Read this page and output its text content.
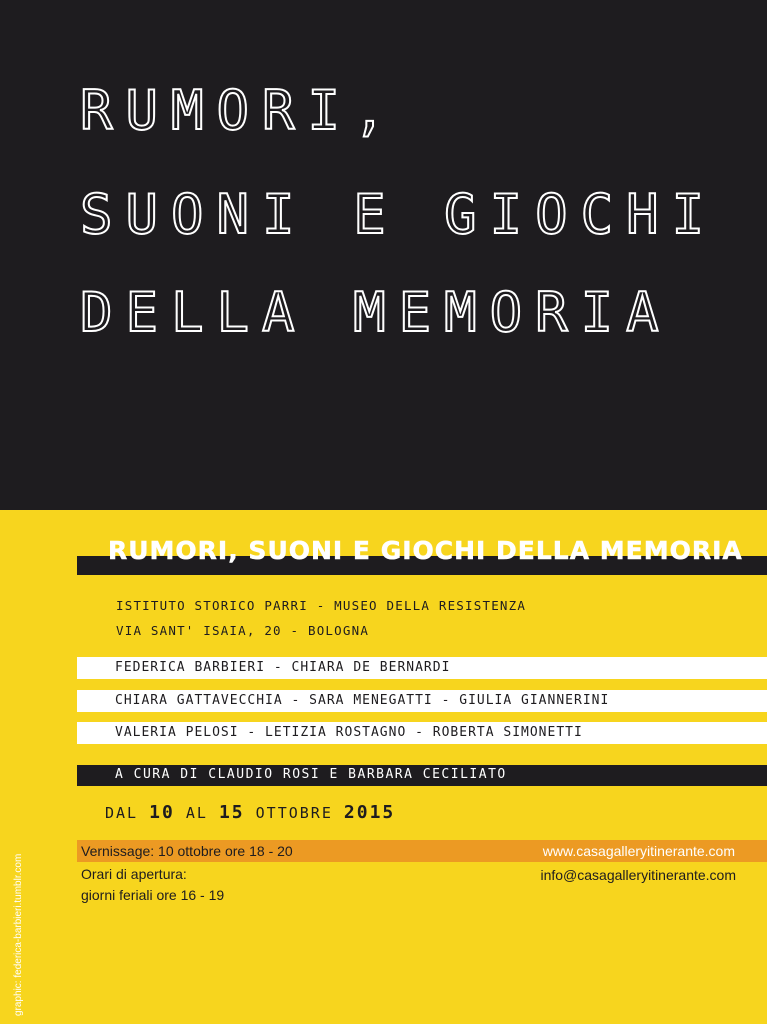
RUMORI,
SUONI E GIOCHI
DELLA MEMORIA
RUMORI, SUONI E GIOCHI DELLA MEMORIA
ISTITUTO STORICO PARRI - MUSEO DELLA RESISTENZA
VIA SANT' ISAIA, 20 - BOLOGNA
FEDERICA BARBIERI - CHIARA DE BERNARDI
CHIARA GATTAVECCHIA - SARA MENEGATTI - GIULIA GIANNERINI
VALERIA PELOSI - LETIZIA ROSTAGNO - ROBERTA SIMONETTI
A CURA DI CLAUDIO ROSI E BARBARA CECILIATO
DAL 10 AL 15 OTTOBRE 2015
Vernissage: 10 ottobre ore 18 - 20	www.casagalleryitinerante.com
Orari di apertura:
giorni feriali ore 16 - 19
info@casagalleryitinerante.com
graphic: federica-barbieri.tumblr.com
